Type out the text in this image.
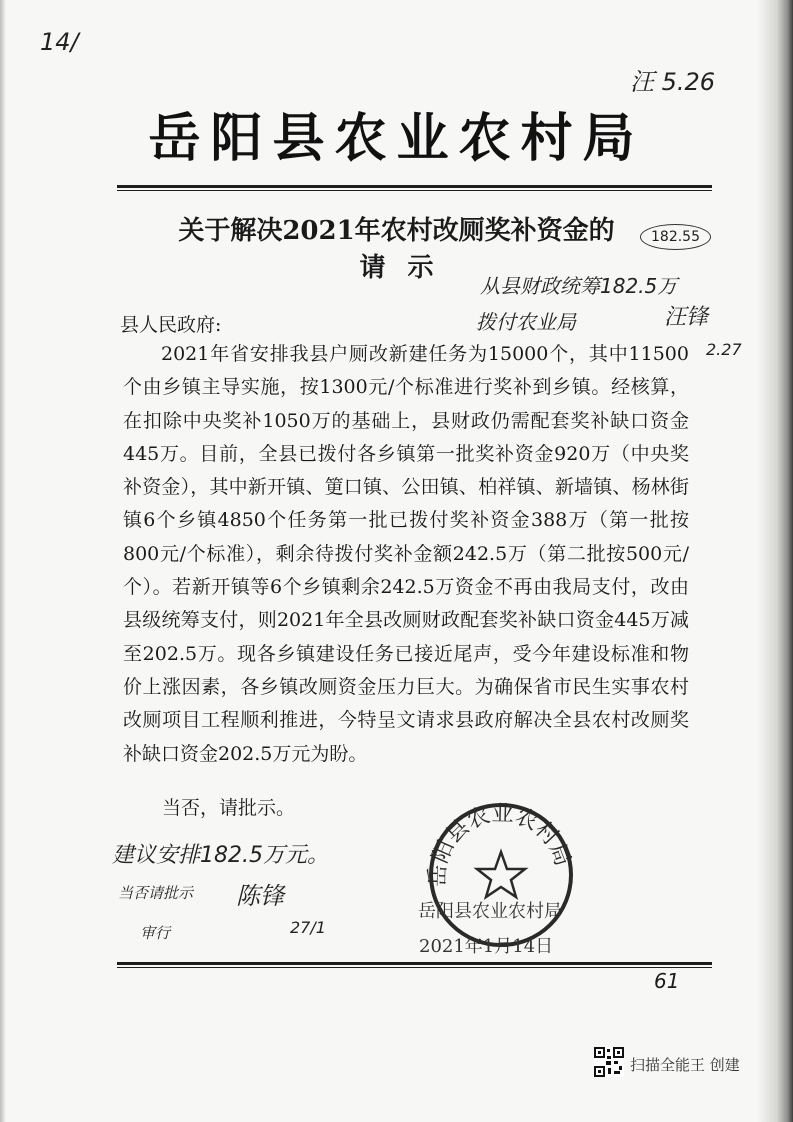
14/
汪 5.26
岳阳县农业农村局
关于解决2021年农村改厕奖补资金的
请示
182.55
从县财政统筹182.5万
拨付农业局	汪锋
2.27
县人民政府:

2021年省安排我县户厕改新建任务为15000个，其中11500个由乡镇主导实施，按1300元/个标准进行奖补到乡镇。经核算，在扣除中央奖补1050万的基础上，县财政仍需配套奖补缺口资金445万。目前，全县已拨付各乡镇第一批奖补资金920万（中央奖补资金），其中新开镇、筻口镇、公田镇、柏祥镇、新墙镇、杨林街镇6个乡镇4850个任务第一批已拨付奖补资金388万（第一批按800元/个标准），剩余待拨付奖补金额242.5万（第二批按500元/个）。若新开镇等6个乡镇剩余242.5万资金不再由我局支付，改由县级统筹支付，则2021年全县改厕财政配套奖补缺口资金445万减至202.5万。现各乡镇建设任务已接近尾声，受今年建设标准和物价上涨因素，各乡镇改厕资金压力巨大。为确保省市民生实事农村改厕项目工程顺利推进，今特呈文请求县政府解决全县农村改厕奖补缺口资金202.5万元为盼。

当否，请批示。
建议安排182.5万元。
当否请批示 陈锋
审行	27/1
岳阳县农业农村局
岳阳县农业农村局
2021年1月14日
61
扫描全能王 创建
